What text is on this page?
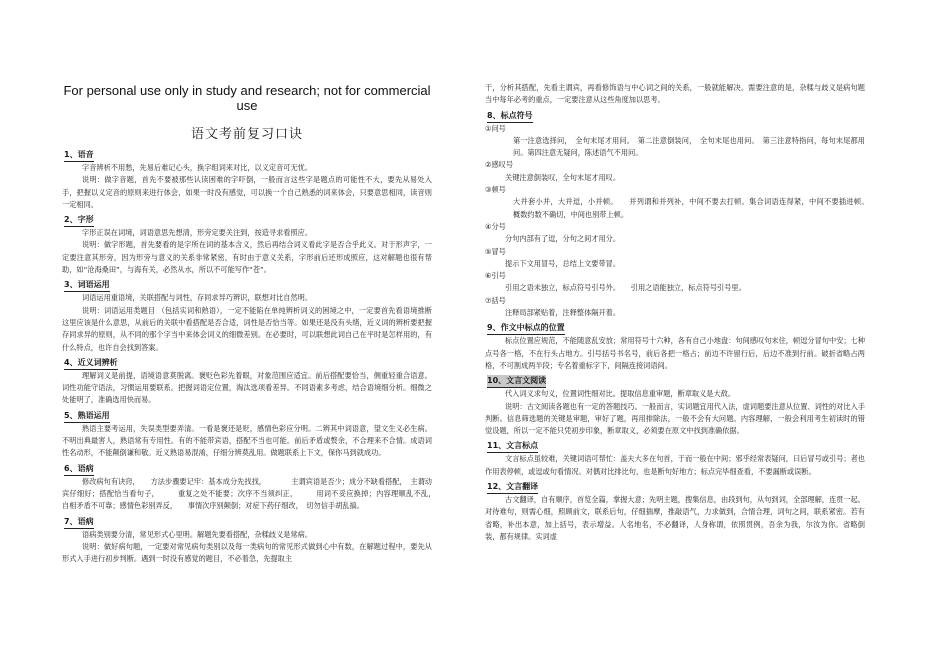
For personal use only in study and research; not for commercial use
语文考前复习口诀
1、语音
字音辨析不用愁，先易后难记心头，换字组词来对比，以义定音可无忧。
说明：做字音题，首先不要被那些认读困难的字吓倒，一般而言这些字是题点的可能性不大，要先从易处入手，把握以义定音的原则来进行体会，如果一时没有感觉，可以换一个自己熟悉的词来体会，只要意思相同，读音则一定相同。
2、字形
字形正误在词境，词语意思先想清，形旁定要关注到，按造寻求看照应。
说明：做字形题，首先要看的是字所在词的基本含义，然后再结合词义看此字是否合乎此义。对于形声字，一定要注意其形旁，因为形旁与意义的关系非常紧密，有时由于意义关系，字形前后还形成照应，这对解题也很有帮助，如“沧海桑田”，与海有关，必然从水，所以不可能写作“苍”。
3、词语运用
词语运用重语境，关联搭配与词性，存同求异巧辨识，联想对比自然明。
说明：词语运用类题目 （包括实词和熟语），一定不能陷在单纯辨析词义的困境之中，一定要首先看语境推断这里应该是什么意思，从前后的关联中看搭配是否合适，词性是否恰当等。如果还是没有头绪，近义词的辨析要把握存同求异的原则，从不同的那个字当中来体会词义的细微差别。在必要时，可以联想此词自己在平时是怎样用的，有什么特点，也许自会找到答案。
4、近义词辨析
理解词义是前提，语境语意莫脱离。褒贬色彩先着眼，对象范围应适宜。前后搭配要恰当，侧重轻重合语意。词性功能守语法，习惯运用要联系。把握词语定位置，淘汰选项看差异。不同语素多考虑，结合语境细分析。细微之处能明了，准确选用快而易。
5、熟语运用
熟语主要考运用，失误类型要弄清。一看是褒还是贬，感情色彩应分明。二辨其中词语意，望文生义必生病。不明出典最害人，熟语常有专用性。有的不能带宾语，搭配不当也可能。前后矛盾或赘余，不合理来不合情。成语词性名动形，不能颠倒谦和敬。近义熟语易混淆，仔细分辨莫乱用。做题联系上下文，保你马到就成功。
6、语病
修改病句有诀窍，　　方法步骤要记牢：基本成分先找找，　　　　主谓宾语是否少；成分不缺看搭配，　主谓动宾仔细好；搭配恰当看句子，　　　重复之处不能要；次序不当须纠正，　　　用词不妥应换掉；内容理顺乱不乱，　　自相矛盾不可靠；感情色彩别弄反，　　事情次序别颠倒；对症下药仔细改，　切勿信手胡乱搞。
7、语病
语病类别要分清，常见形式心里明。解题先要看搭配，杂糅歧义是常病。
说明：做好病句题，一定要对常见病句类别以及每一类病句的常见形式做到心中有数，在解题过程中，要先从形式入手进行初步判断。遇到一时没有感觉的题目，不必着急，先提取主
干，分析其搭配，先看主谓宾，再看修饰语与中心词之间的关系，一般就能解决。需要注意的是，杂糅与歧义是病句题当中每年必考的重点，一定要注意从这些角度加以思考。
8、标点符号
①问号
第一注意选择问，　全句末尾才用问。　第二注意倒装问，　全句末尾也用问。　第三注意特指问，每句末尾都用问。第四注意无疑问，陈述语气不用问。
②感叹号
关键注意倒装叹，全句末尾才用叹。
③顿号
大并套小并，大并逗，小并顿。　　并列谓和并列补，中间不要去打顿。集合词语连得紧，中间不要插进顿。　　概数约数不确切，中间也别带上顿。
④分号
分句内部有了逗，分句之间才用分。
⑤冒号
提示下文用冒号，总结上文要带冒。
⑥引号
引用之语未独立，标点符号引号外。　　引用之语能独立，标点符号引号里。
⑦括号
注释局部紧贴着，注释整体隔开着。
9、作文中标点的位置
标点位置应规范，不能随意乱安放；常用符号十六种，各有自己小地盘：句间感叹句末住，顿逗分冒句中安；七种点号各一格，不在行头占地方。引号括号书名号，前后各把一格占；前边不许留行后，后边不准到行前。破折省略占两格，不可割成两半段；专名着重标字下，间隔连接词语间。
10、文言文阅读
代入词义求句义，位置词性细对比。提取信息重审题，断章取义是大敌。
说明：古文阅读各题也有一定的答题技巧。一般而言，实词题宜用代入法，虚词题要注意从位置、词性的对比入手判断。信息筛选题的关键是审题，审好了题，再用排除法，一般不会有大问题。内容理解，一般会利用考生初读时的错觉设题，所以一定不能只凭初步印象，断章取义，必须要在原文中找到准确依据。
11、文言标点
文言标点虽较难，关键词语可帮忙：盖夫大多在句首，于而一般在中间；邪乎经常表疑问，曰后冒号或引号；者也作用表停顿，或逗或句看情况。对偶对比排比句，也是断句好地方；标点完毕细查看，不要漏断或误断。
12、文言翻译
古文翻译，自有顺序，首览全篇，掌握大意；先明主题，搜集信息，由段到句，从句到词，全部理解，连贯一起。对待难句，则需心细，照顾前文，联系后句，仔细揣摩，推敲语气，力求做到，合情合理，词句之间，联系紧密。若有省略，补出本意，加上括号，表示增益。人名地名，不必翻译，人身称谓，依照贯例，吾余为我，尔汝为你。省略倒装，都有规律。实词虚
